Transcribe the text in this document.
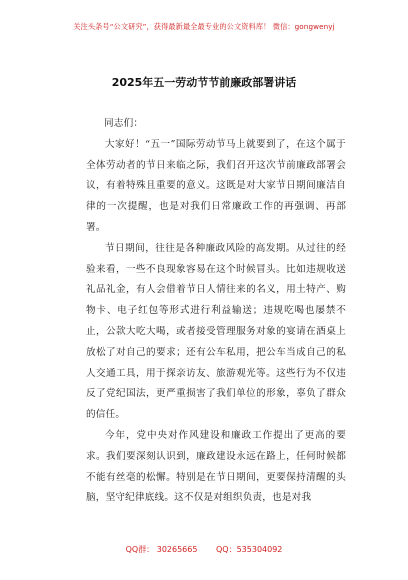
关注头条号“公文研究”，获得最新最全最专业的公文资料库！ 微信：gongwenyj
2025年五一劳动节节前廉政部署讲话

同志们：

大家好！“五一”国际劳动节马上就要到了，在这个属于全体劳动者的节日来临之际，我们召开这次节前廉政部署会议，有着特殊且重要的意义。这既是对大家节日期间廉洁自律的一次提醒，也是对我们日常廉政工作的再强调、再部署。

节日期间，往往是各种廉政风险的高发期。从过往的经验来看，一些不良现象容易在这个时候冒头。比如违规收送礼品礼金，有人会借着节日人情往来的名义，用土特产、购物卡、电子红包等形式进行利益输送；违规吃喝也屡禁不止，公款大吃大喝，或者接受管理服务对象的宴请在酒桌上放松了对自己的要求；还有公车私用，把公车当成自己的私人交通工具，用于探亲访友、旅游观光等。这些行为不仅违反了党纪国法，更严重损害了我们单位的形象，辜负了群众的信任。

今年，党中央对作风建设和廉政工作提出了更高的要求。我们要深刻认识到，廉政建设永远在路上，任何时候都不能有丝毫的松懈。特别是在节日期间，更要保持清醒的头脑，坚守纪律底线。这不仅是对组织负责，也是对我

QQ群： 30265665 QQ：535304092
